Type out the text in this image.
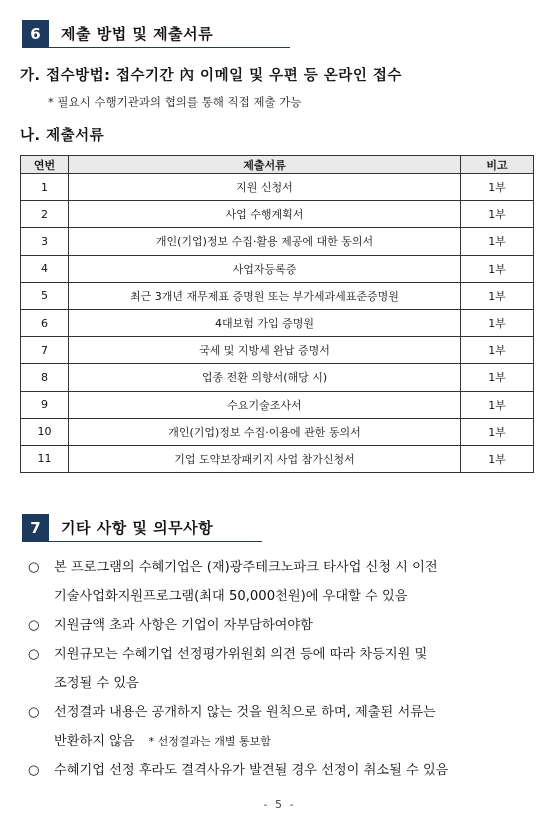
6	제출 방법 및 제출서류
가. 접수방법: 접수기간 內 이메일 및 우편 등 온라인 접수
* 필요시 수행기관과의 협의를 통해 직접 제출 가능
나. 제출서류
연번	제출서류	비고
1	지원 신청서	1부
2	사업 수행계획서	1부
3	개인(기업)정보 수집·활용 제공에 대한 동의서	1부
4	사업자등록증	1부
5	최근 3개년 재무제표 증명원 또는 부가세과세표준증명원	1부
6	4대보험 가입 증명원	1부
7	국세 및 지방세 완납 증명서	1부
8	업종 전환 의향서(해당 시)	1부
9	수요기술조사서	1부
10	개인(기업)정보 수집·이용에 관한 동의서	1부
11	기업 도약보장패키지 사업 참가신청서	1부
7	기타 사항 및 의무사항
○ 본 프로그램의 수혜기업은 (재)광주테크노파크 타사업 신청 시 이전
기술사업화지원프로그램(최대 50,000천원)에 우대할 수 있음
○ 지원금액 초과 사항은 기업이 자부담하여야함
○ 지원규모는 수혜기업 선정평가위원회 의견 등에 따라 차등지원 및
조정될 수 있음
○ 선정결과 내용은 공개하지 않는 것을 원칙으로 하며, 제출된 서류는
반환하지 않음 * 선정결과는 개별 통보함
○ 수혜기업 선정 후라도 결격사유가 발견될 경우 선정이 취소될 수 있음
- 5 -
